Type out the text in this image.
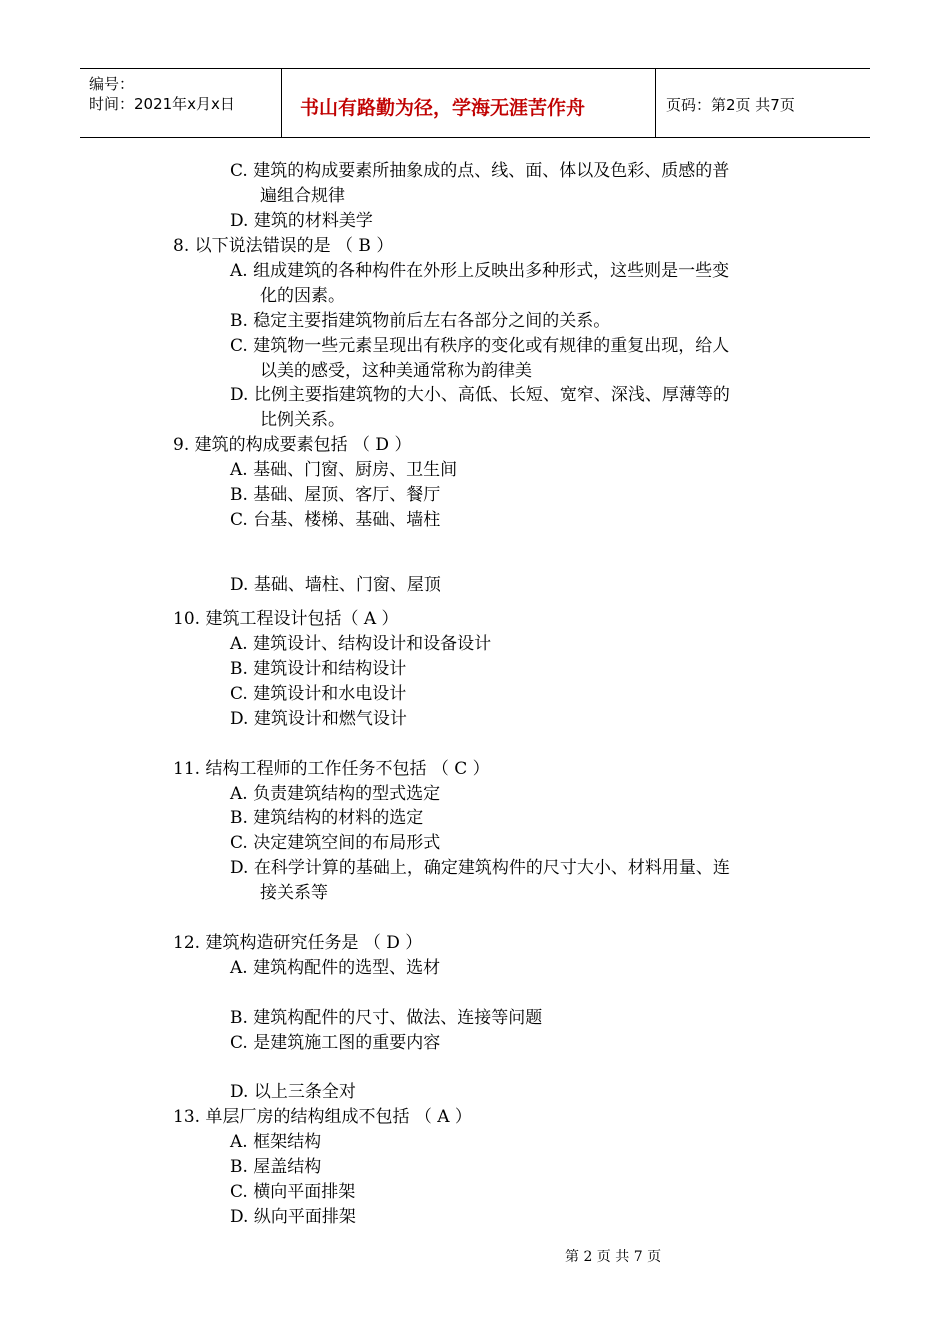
编号：
时间：2021年x月x日	书山有路勤为径，学海无涯苦作舟	页码：第2页 共7页
C. 建筑的构成要素所抽象成的点、线、面、体以及色彩、质感的普
遍组合规律
D. 建筑的材料美学
8. 以下说法错误的是 （ B ）
A. 组成建筑的各种构件在外形上反映出多种形式，这些则是一些变
化的因素。
B. 稳定主要指建筑物前后左右各部分之间的关系。
C. 建筑物一些元素呈现出有秩序的变化或有规律的重复出现，给人
以美的感受，这种美通常称为韵律美
D. 比例主要指建筑物的大小、高低、长短、宽窄、深浅、厚薄等的
比例关系。
9. 建筑的构成要素包括 （ D ）
A. 基础、门窗、厨房、卫生间
B. 基础、屋顶、客厅、餐厅
C. 台基、楼梯、基础、墙柱
D. 基础、墙柱、门窗、屋顶
10. 建筑工程设计包括（ A ）
A. 建筑设计、结构设计和设备设计
B. 建筑设计和结构设计
C. 建筑设计和水电设计
D. 建筑设计和燃气设计
11. 结构工程师的工作任务不包括 （ C ）
A. 负责建筑结构的型式选定
B. 建筑结构的材料的选定
C. 决定建筑空间的布局形式
D. 在科学计算的基础上，确定建筑构件的尺寸大小、材料用量、连
接关系等
12. 建筑构造研究任务是 （ D ）
A. 建筑构配件的选型、选材
B. 建筑构配件的尺寸、做法、连接等问题
C. 是建筑施工图的重要内容
D. 以上三条全对
13. 单层厂房的结构组成不包括 （ A ）
A. 框架结构
B. 屋盖结构
C. 横向平面排架
D. 纵向平面排架
第 2 页 共 7 页
